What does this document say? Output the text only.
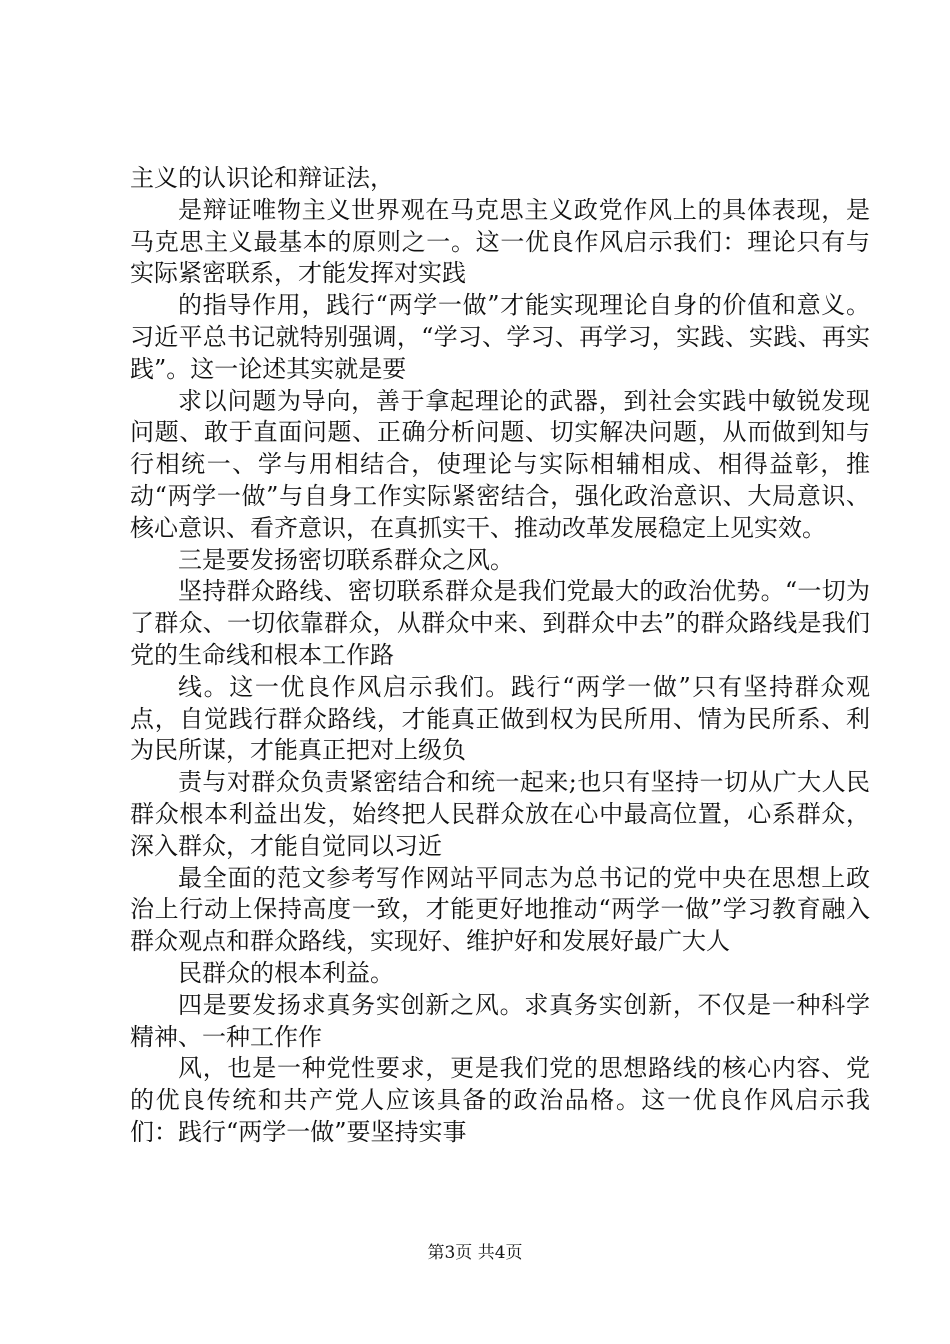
主义的认识论和辩证法，

是辩证唯物主义世界观在马克思主义政党作风上的具体表现，是马克思主义最基本的原则之一。这一优良作风启示我们：理论只有与实际紧密联系，才能发挥对实践

的指导作用，践行“两学一做”才能实现理论自身的价值和意义。习近平总书记就特别强调，“学习、学习、再学习，实践、实践、再实践”。这一论述其实就是要

求以问题为导向，善于拿起理论的武器，到社会实践中敏锐发现问题、敢于直面问题、正确分析问题、切实解决问题，从而做到知与行相统一、学与用相结合，使理论与实际相辅相成、相得益彰，推动“两学一做”与自身工作实际紧密结合，强化政治意识、大局意识、核心意识、看齐意识，在真抓实干、推动改革发展稳定上见实效。

三是要发扬密切联系群众之风。

坚持群众路线、密切联系群众是我们党最大的政治优势。“一切为了群众、一切依靠群众，从群众中来、到群众中去”的群众路线是我们党的生命线和根本工作路

线。这一优良作风启示我们。践行“两学一做”只有坚持群众观点，自觉践行群众路线，才能真正做到权为民所用、情为民所系、利为民所谋，才能真正把对上级负

责与对群众负责紧密结合和统一起来;也只有坚持一切从广大人民群众根本利益出发，始终把人民群众放在心中最高位置，心系群众，深入群众，才能自觉同以习近

最全面的范文参考写作网站平同志为总书记的党中央在思想上政治上行动上保持高度一致，才能更好地推动“两学一做”学习教育融入群众观点和群众路线，实现好、维护好和发展好最广大人

民群众的根本利益。

四是要发扬求真务实创新之风。求真务实创新，不仅是一种科学精神、一种工作作

风，也是一种党性要求，更是我们党的思想路线的核心内容、党的优良传统和共产党人应该具备的政治品格。这一优良作风启示我们：践行“两学一做”要坚持实事

第3页 共4页
